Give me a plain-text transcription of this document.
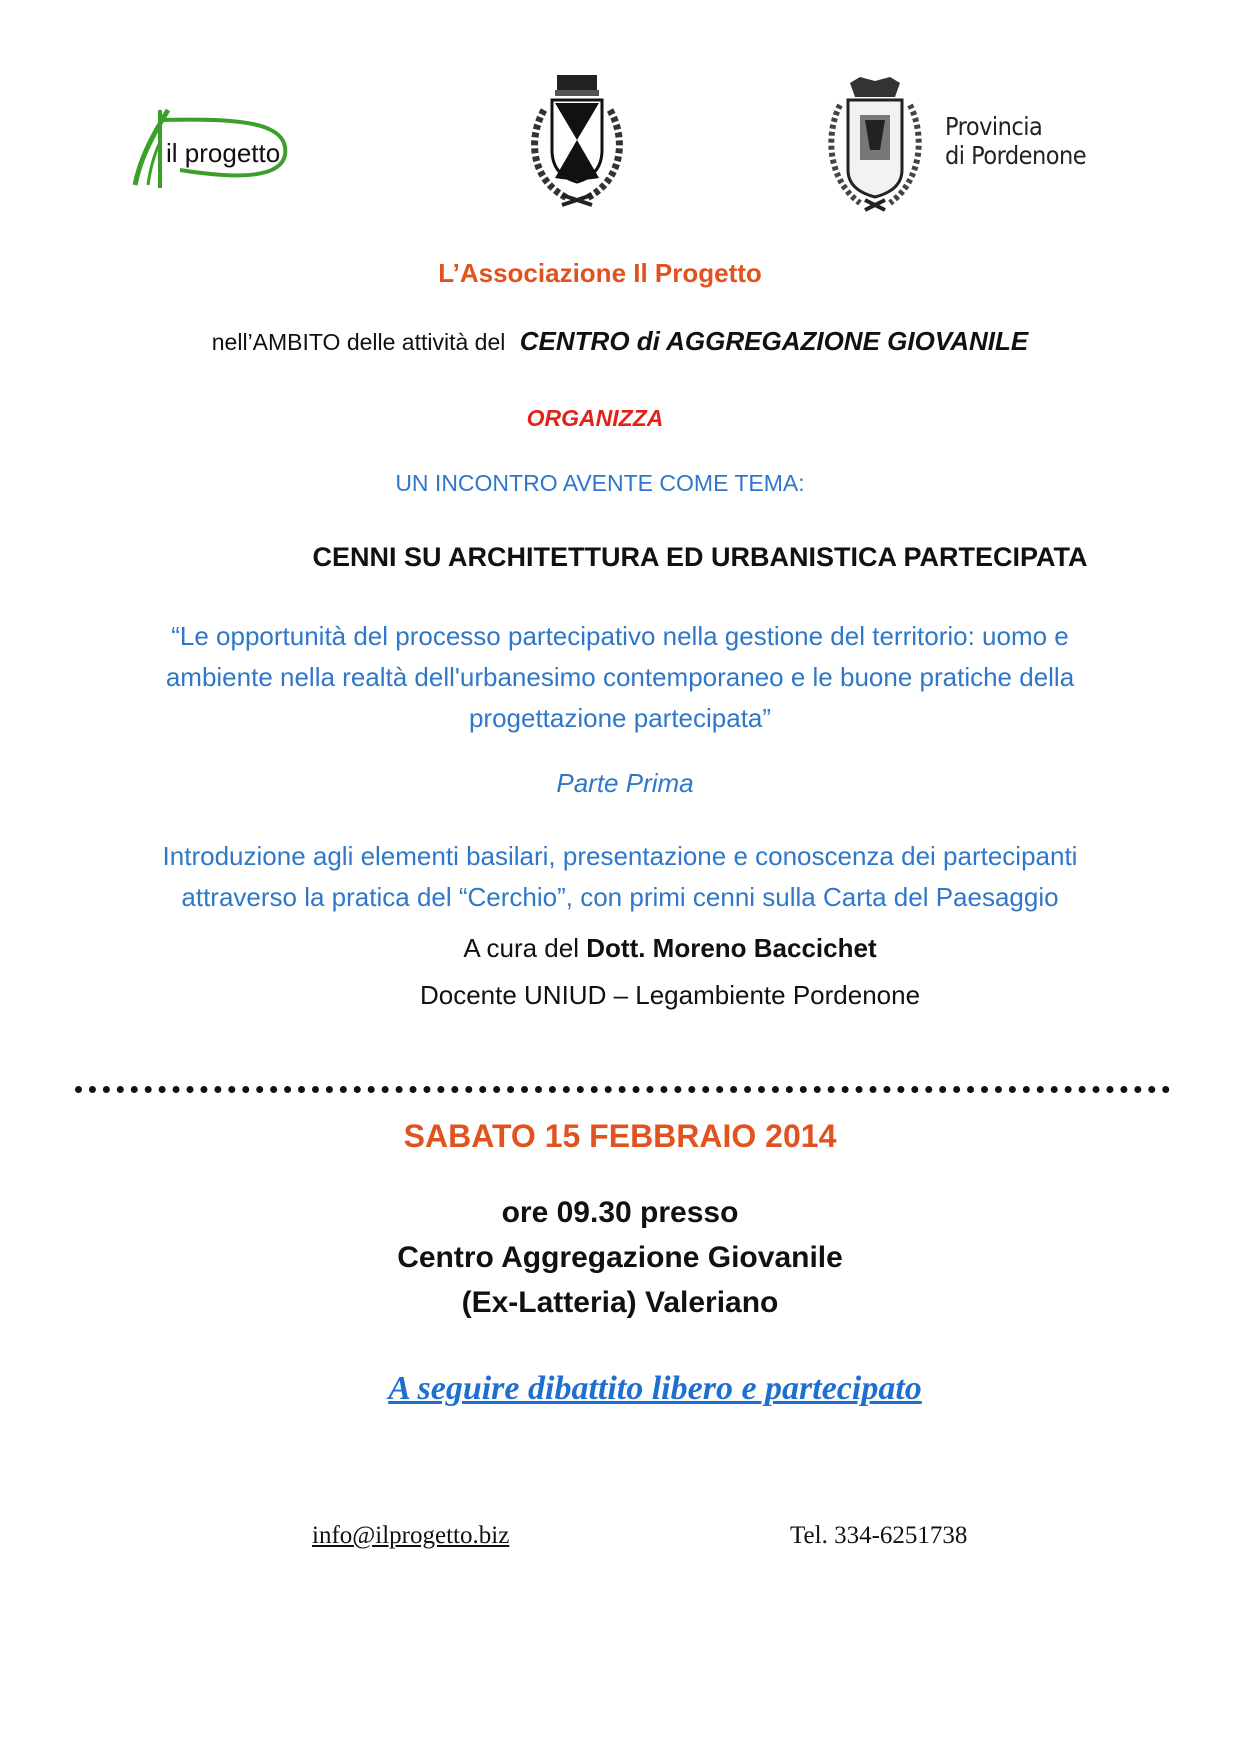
il progetto
Provincia
di Pordenone
L’Associazione Il Progetto
nell’AMBITO delle attività del CENTRO di AGGREGAZIONE GIOVANILE
ORGANIZZA
UN INCONTRO AVENTE COME TEMA:
CENNI SU ARCHITETTURA ED URBANISTICA PARTECIPATA
“Le opportunità del processo partecipativo nella gestione del territorio: uomo e
ambiente nella realtà dell'urbanesimo contemporaneo e le buone pratiche della
progettazione partecipata”
Parte Prima
Introduzione agli elementi basilari, presentazione e conoscenza dei partecipanti
attraverso la pratica del “Cerchio”, con primi cenni sulla Carta del Paesaggio
A cura del Dott. Moreno Baccichet
Docente UNIUD – Legambiente Pordenone
SABATO 15 FEBBRAIO 2014
ore 09.30 presso
Centro Aggregazione Giovanile
(Ex-Latteria) Valeriano
A seguire dibattito libero e partecipato
info@ilprogetto.biz	Tel. 334-6251738
